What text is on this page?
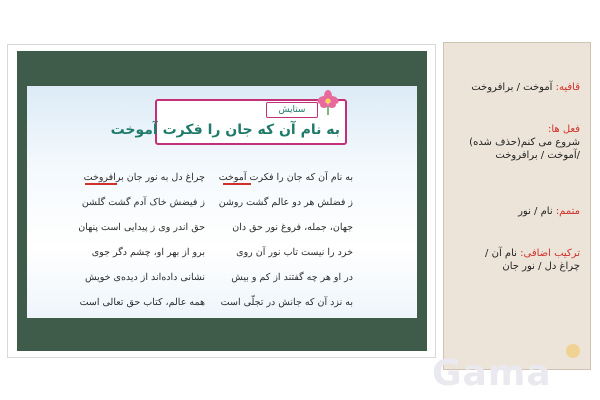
ستایش
به نام آن که جان را فکرت آموخت
به نام آن که جان را فکرت آموخت
ز فضلش هر دو عالم گشت روشن
جهان، جمله، فروغ نور حق دان
خرد را نیست تاب نور آن روی
در او هر چه گفتند از کم و بیش
به نزد آن که جانش در تجلّی است
چراغ دل به نور جان برافروخت
ز فیضش خاک آدم گشت گلشن
حق اندر وی ز پیدایی است پنهان
برو از بهر او، چشم دگر جوی
نشانی داده‌اند از دیده‌ی خویش
همه عالم، کتاب حق تعالی است
قافیه: آموخت / برافروخت
فعل ها:
شروع می کنم(حذف شده)
/آموخت / برافروخت
متمم: نام / نور
ترکیب اضافی: نام آن /
چراغ دل / نور جان
Gama
